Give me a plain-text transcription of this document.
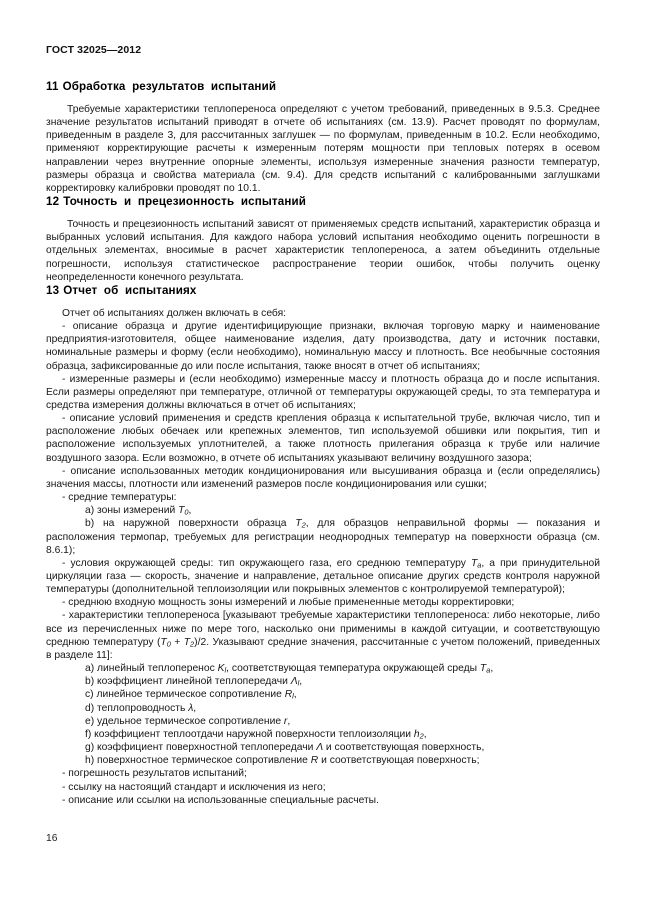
ГОСТ 32025—2012
11 Обработка результатов испытаний

Требуемые характеристики теплопереноса определяют с учетом требований, приведенных в 9.5.3. Среднее значение результатов испытаний приводят в отчете об испытаниях (см. 13.9). Расчет проводят по формулам, приведенным в разделе 3, для рассчитанных заглушек — по формулам, приведенным в 10.2. Если необходимо, применяют корректирующие расчеты к измеренным потерям мощности при тепловых потерях в осевом направлении через внутренние опорные элементы, используя измеренные значения разности температур, размеры образца и свойства материала (см. 9.4). Для средств испытаний с калиброванными заглушками корректировку калибровки проводят по 10.1.

12 Точность и прецезионность испытаний

Точность и прецезионность испытаний зависят от применяемых средств испытаний, характеристик образца и выбранных условий испытания. Для каждого набора условий испытания необходимо оценить погрешности в отдельных элементах, вносимые в расчет характеристик теплопереноса, а затем объединить отдельные погрешности, используя статистическое распространение теории ошибок, чтобы получить оценку неопределенности конечного результата.

13 Отчет об испытаниях

Отчет об испытаниях должен включать в себя:

- описание образца и другие идентифицирующие признаки, включая торговую марку и наименование предприятия-изготовителя, общее наименование изделия, дату производства, дату и источник поставки, номинальные размеры и форму (если необходимо), номинальную массу и плотность. Все необычные состояния образца, зафиксированные до или после испытания, также вносят в отчет об испытаниях;

- измеренные размеры и (если необходимо) измеренные массу и плотность образца до и после испытания. Если размеры определяют при температуре, отличной от температуры окружающей среды, то эта температура и средства измерения должны включаться в отчет об испытаниях;

- описание условий применения и средств крепления образца к испытательной трубе, включая число, тип и расположение любых обечаек или крепежных элементов, тип используемой обшивки или покрытия, тип и расположение используемых уплотнителей, а также плотность прилегания образца к трубе или наличие воздушного зазора. Если возможно, в отчете об испытаниях указывают величину воздушного зазора;

- описание использованных методик кондиционирования или высушивания образца и (если определялись) значения массы, плотности или изменений размеров после кондиционирования или сушки;

- средние температуры:

a) зоны измерений $T_0$,

b) на наружной поверхности образца $T_2$, для образцов неправильной формы — показания и расположения термопар, требуемых для регистрации неоднородных температур на поверхности образца (см. 8.6.1);

- условия окружающей среды: тип окружающего газа, его среднюю температуру $T_a$, а при принудительной циркуляции газа — скорость, значение и направление, детальное описание других средств контроля наружной температуры (дополнительной теплоизоляции или покрывных элементов с контролируемой температурой);

- среднюю входную мощность зоны измерений и любые примененные методы корректировки;

- характеристики теплопереноса [указывают требуемые характеристики теплопереноса: либо некоторые, либо все из перечисленных ниже по мере того, насколько они применимы в каждой ситуации, и соответствующую среднюю температуру $(T_0 + T_2)/2$. Указывают средние значения, рассчитанные с учетом положений, приведенных в разделе 11]:

a) линейный теплоперенос $K_l$, соответствующая температура окружающей среды $T_a$,

b) коэффициент линейной теплопередачи $\Lambda_l$,

c) линейное термическое сопротивление $R_l$,

d) теплопроводность λ,

e) удельное термическое сопротивление r,

f) коэффициент теплоотдачи наружной поверхности теплоизоляции $h_2$,

g) коэффициент поверхностной теплопередачи Λ и соответствующая поверхность,

h) поверхностное термическое сопротивление R и соответствующая поверхность;

- погрешность результатов испытаний;

- ссылку на настоящий стандарт и исключения из него;

- описание или ссылки на использованные специальные расчеты.

16
